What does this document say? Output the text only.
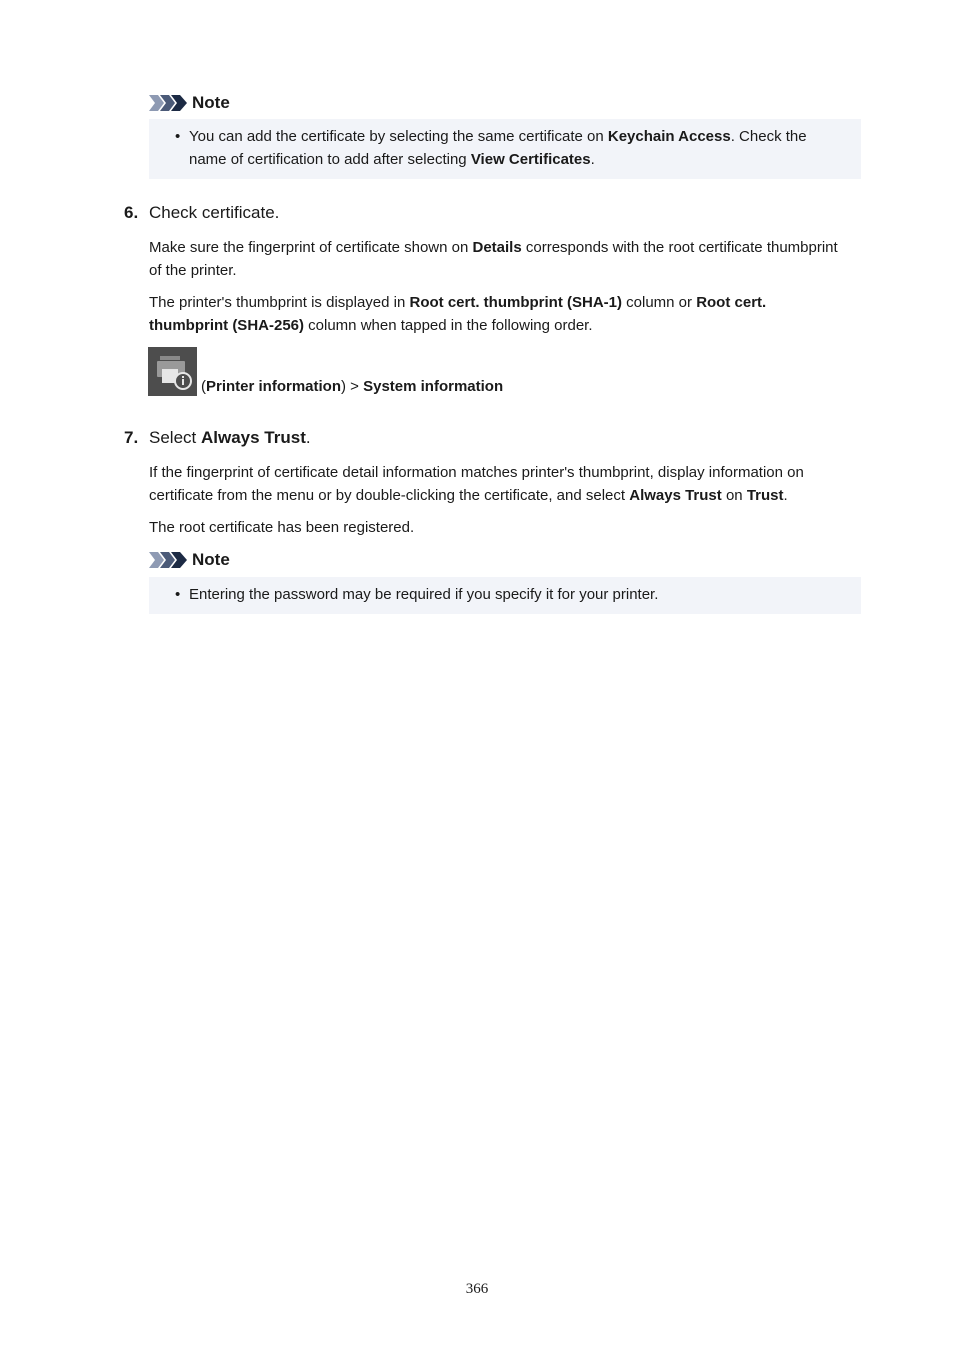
Note
• You can add the certificate by selecting the same certificate on Keychain Access. Check the name of certification to add after selecting View Certificates.
6. Check certificate.
Make sure the fingerprint of certificate shown on Details corresponds with the root certificate thumbprint of the printer.
The printer's thumbprint is displayed in Root cert. thumbprint (SHA-1) column or Root cert. thumbprint (SHA-256) column when tapped in the following order.
(Printer information) > System information
7. Select Always Trust.
If the fingerprint of certificate detail information matches printer's thumbprint, display information on certificate from the menu or by double-clicking the certificate, and select Always Trust on Trust.
The root certificate has been registered.
Note
• Entering the password may be required if you specify it for your printer.
366
